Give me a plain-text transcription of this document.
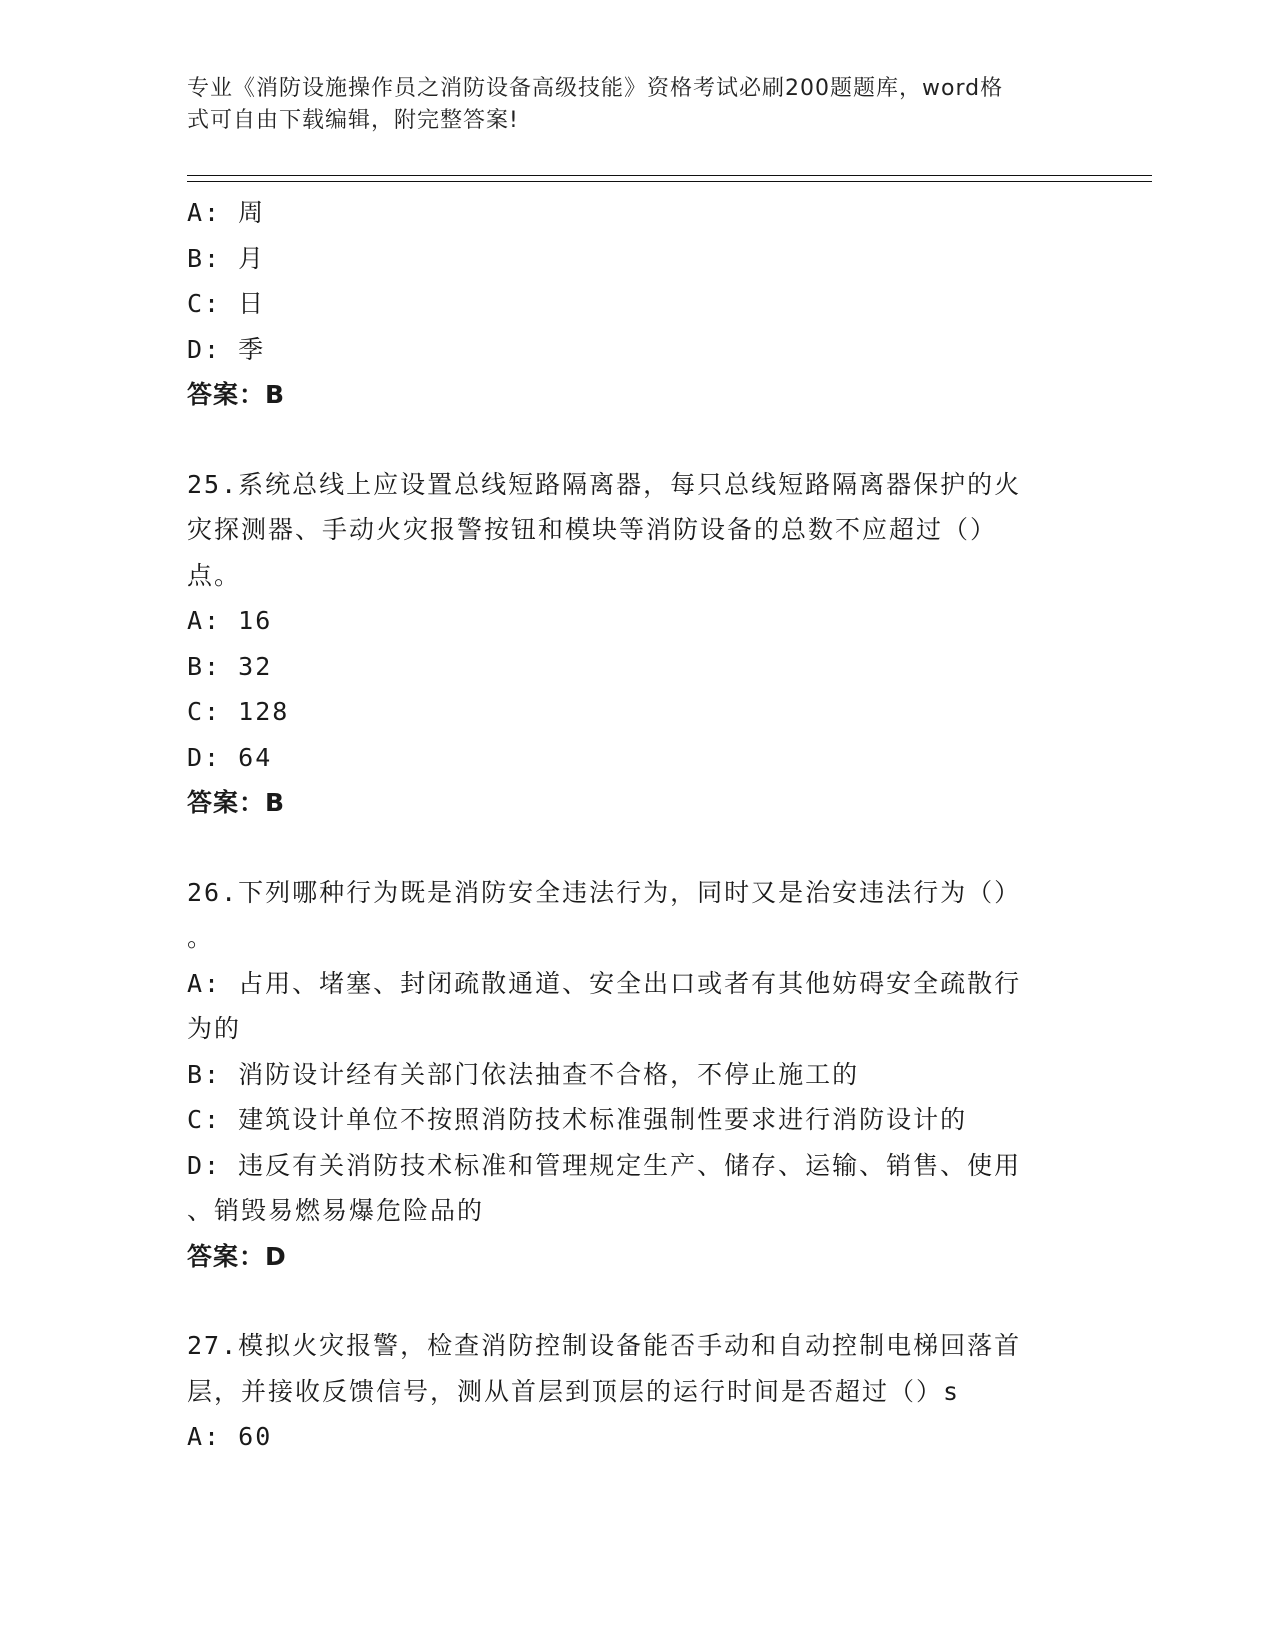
专业《消防设施操作员之消防设备高级技能》资格考试必刷200题题库，word格
式可自由下载编辑，附完整答案!
A: 周
B: 月
C: 日
D: 季
答案：B
25.系统总线上应设置总线短路隔离器，每只总线短路隔离器保护的火
灾探测器、手动火灾报警按钮和模块等消防设备的总数不应超过（）
点。
A: 16
B: 32
C: 128
D: 64
答案：B
26.下列哪种行为既是消防安全违法行为，同时又是治安违法行为（）
。
A: 占用、堵塞、封闭疏散通道、安全出口或者有其他妨碍安全疏散行
为的
B: 消防设计经有关部门依法抽查不合格，不停止施工的
C: 建筑设计单位不按照消防技术标准强制性要求进行消防设计的
D: 违反有关消防技术标准和管理规定生产、储存、运输、销售、使用
、销毁易燃易爆危险品的
答案：D
27.模拟火灾报警，检查消防控制设备能否手动和自动控制电梯回落首
层，并接收反馈信号，测从首层到顶层的运行时间是否超过（）s
A: 60
